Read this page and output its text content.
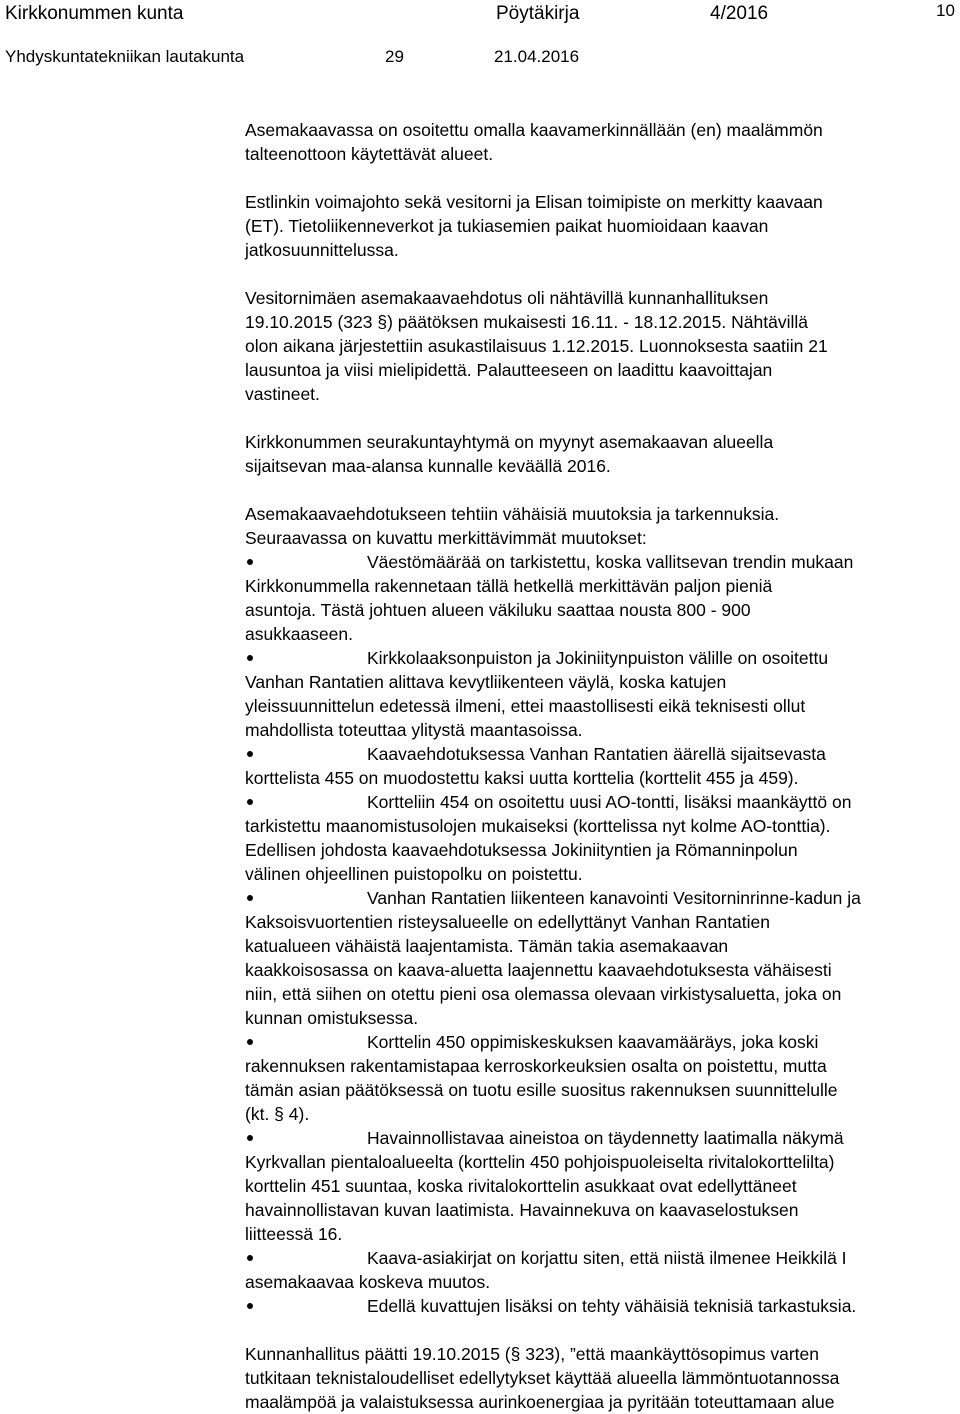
Kirkkonummen kunta	Pöytäkirja	4/2016	10
Yhdyskuntatekniikan lautakunta	29	21.04.2016

Asemakaavassa on osoitettu omalla kaavamerkinnällään (en) maalämmön
talteenottoon käytettävät alueet.

Estlinkin voimajohto sekä vesitorni ja Elisan toimipiste on merkitty kaavaan
(ET). Tietoliikenneverkot ja tukiasemien paikat huomioidaan kaavan
jatkosuunnittelussa.

Vesitornimäen asemakaavaehdotus oli nähtävillä kunnanhallituksen
19.10.2015 (323 §) päätöksen mukaisesti 16.11. - 18.12.2015. Nähtävillä
olon aikana järjestettiin asukastilaisuus 1.12.2015. Luonnoksesta saatiin 21
lausuntoa ja viisi mielipidettä. Palautteeseen on laadittu kaavoittajan
vastineet.

Kirkkonummen seurakuntayhtymä on myynyt asemakaavan alueella
sijaitsevan maa-alansa kunnalle keväällä 2016.

Asemakaavaehdotukseen tehtiin vähäisiä muutoksia ja tarkennuksia.
Seuraavassa on kuvattu merkittävimmät muutokset:

Väestömäärää on tarkistettu, koska vallitsevan trendin mukaan
Kirkkonummella rakennetaan tällä hetkellä merkittävän paljon pieniä
asuntoja. Tästä johtuen alueen väkiluku saattaa nousta 800 - 900
asukkaaseen.
Kirkkolaaksonpuiston ja Jokiniitynpuiston välille on osoitettu
Vanhan Rantatien alittava kevytliikenteen väylä, koska katujen
yleissuunnittelun edetessä ilmeni, ettei maastollisesti eikä teknisesti ollut
mahdollista toteuttaa ylitystä maantasoissa.
Kaavaehdotuksessa Vanhan Rantatien äärellä sijaitsevasta
korttelista 455 on muodostettu kaksi uutta korttelia (korttelit 455 ja 459).
Kortteliin 454 on osoitettu uusi AO-tontti, lisäksi maankäyttö on
tarkistettu maanomistusolojen mukaiseksi (korttelissa nyt kolme AO-tonttia).
Edellisen johdosta kaavaehdotuksessa Jokiniityntien ja Römanninpolun
välinen ohjeellinen puistopolku on poistettu.
Vanhan Rantatien liikenteen kanavointi Vesitorninrinne-kadun ja
Kaksoisvuortentien risteysalueelle on edellyttänyt Vanhan Rantatien
katualueen vähäistä laajentamista. Tämän takia asemakaavan
kaakkoisosassa on kaava-aluetta laajennettu kaavaehdotuksesta vähäisesti
niin, että siihen on otettu pieni osa olemassa olevaan virkistysaluetta, joka on
kunnan omistuksessa.
Korttelin 450 oppimiskeskuksen kaavamääräys, joka koski
rakennuksen rakentamistapaa kerroskorkeuksien osalta on poistettu, mutta
tämän asian päätöksessä on tuotu esille suositus rakennuksen suunnittelulle
(kt. § 4).
Havainnollistavaa aineistoa on täydennetty laatimalla näkymä
Kyrkvallan pientaloalueelta (korttelin 450 pohjoispuoleiselta rivitalokorttelilta)
korttelin 451 suuntaa, koska rivitalokorttelin asukkaat ovat edellyttäneet
havainnollistavan kuvan laatimista. Havainnekuva on kaavaselostuksen
liitteessä 16.
Kaava-asiakirjat on korjattu siten, että niistä ilmenee Heikkilä I
asemakaavaa koskeva muutos.
Edellä kuvattujen lisäksi on tehty vähäisiä teknisiä tarkastuksia.

Kunnanhallitus päätti 19.10.2015 (§ 323), ”että maankäyttösopimus varten
tutkitaan teknistaloudelliset edellytykset käyttää alueella lämmöntuotannossa
maalämpöä ja valaistuksessa aurinkoenergiaa ja pyritään toteuttamaan alue
